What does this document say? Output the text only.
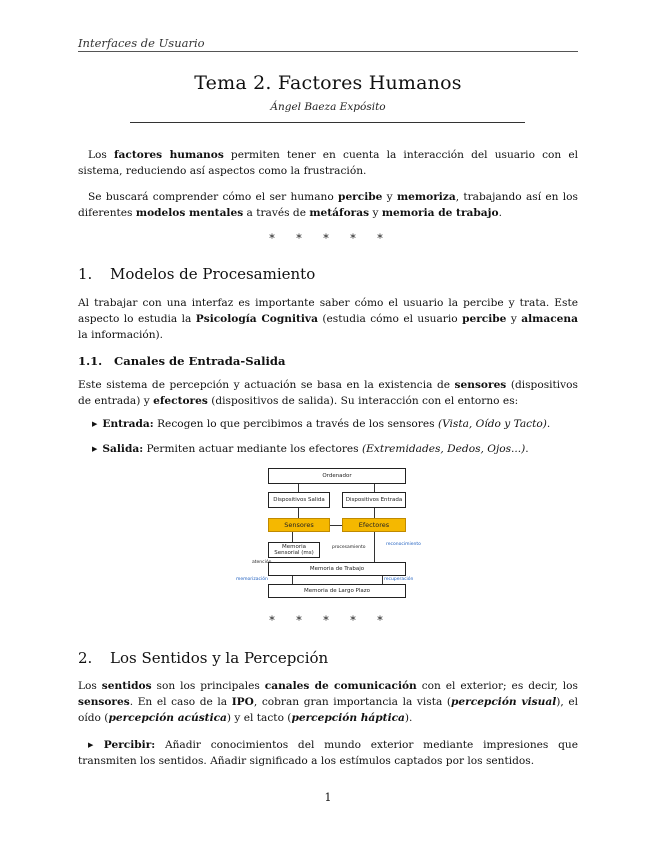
Interfaces de Usuario
Tema 2. Factores Humanos
Ángel Baeza Expósito

Los factores humanos permiten tener en cuenta la interacción del usuario con el sistema, reduciendo así aspectos como la frustración.

Se buscará comprender cómo el ser humano percibe y memoriza, trabajando así en los diferentes modelos mentales a través de metáforas y memoria de trabajo.

* * * * *
1. Modelos de Procesamiento

Al trabajar con una interfaz es importante saber cómo el usuario la percibe y trata. Este aspecto lo estudia la Psicología Cognitiva (estudia cómo el usuario percibe y almacena la información).

1.1. Canales de Entrada-Salida

Este sistema de percepción y actuación se basa en la existencia de sensores (dispositivos de entrada) y efectores (dispositivos de salida). Su interacción con el entorno es:

▶ Entrada: Recogen lo que percibimos a través de los sensores (Vista, Oído y Tacto).
▶ Salida: Permiten actuar mediante los efectores (Extremidades, Dedos, Ojos...).
Ordenador
Dispositivos Salida	Dispositivos Entrada
Sensores	Efectores
Memoria Sensorial (ms)
procesamiento
reconocimiento
Memoria de Trabajo
atención
memorización	recuperación
Memoria de Largo Plazo
* * * * *
2. Los Sentidos y la Percepción

Los sentidos son los principales canales de comunicación con el exterior; es decir, los sensores. En el caso de la IPO, cobran gran importancia la vista (percepción visual), el oído (percepción acústica) y el tacto (percepción háptica).

▶ Percibir: Añadir conocimientos del mundo exterior mediante impresiones que transmiten los sentidos. Añadir significado a los estímulos captados por los sentidos.

1
